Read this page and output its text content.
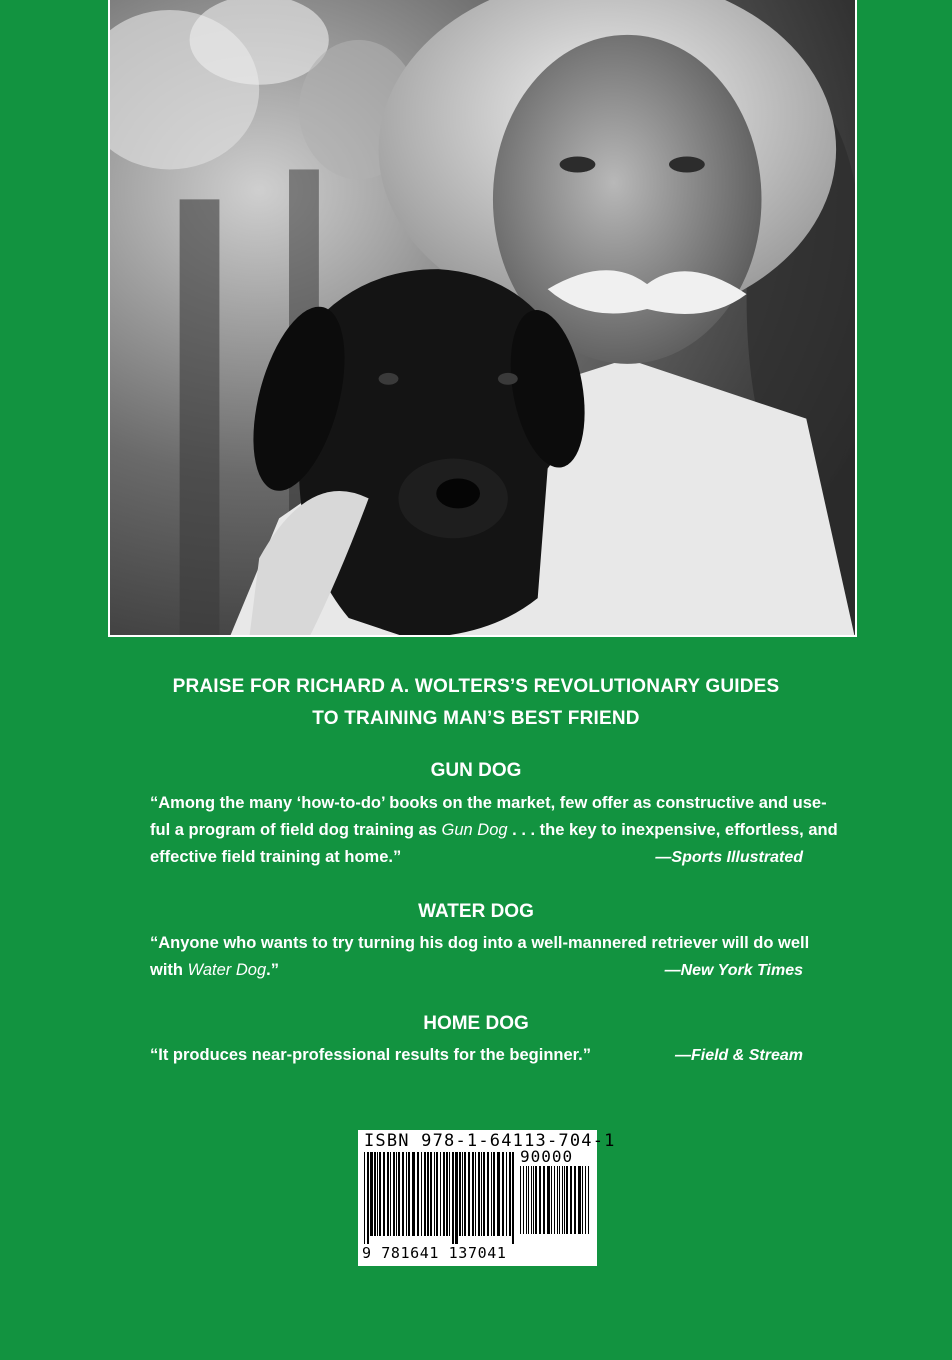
PRAISE FOR RICHARD A. WOLTERS’S REVOLUTIONARY GUIDES
TO TRAINING MAN’S BEST FRIEND
GUN DOG
“Among the many ‘how-to-do’ books on the market, few offer as constructive and use-
ful a program of field dog training as Gun Dog . . . the key to inexpensive, effortless, and
effective field training at home.”	—Sports Illustrated
WATER DOG
“Anyone who wants to try turning his dog into a well-mannered retriever will do well
with Water Dog.”	—New York Times
HOME DOG
“It produces near-professional results for the beginner.”	—Field & Stream
ISBN 978-1-64113-704-1
90000
9 781641 137041
